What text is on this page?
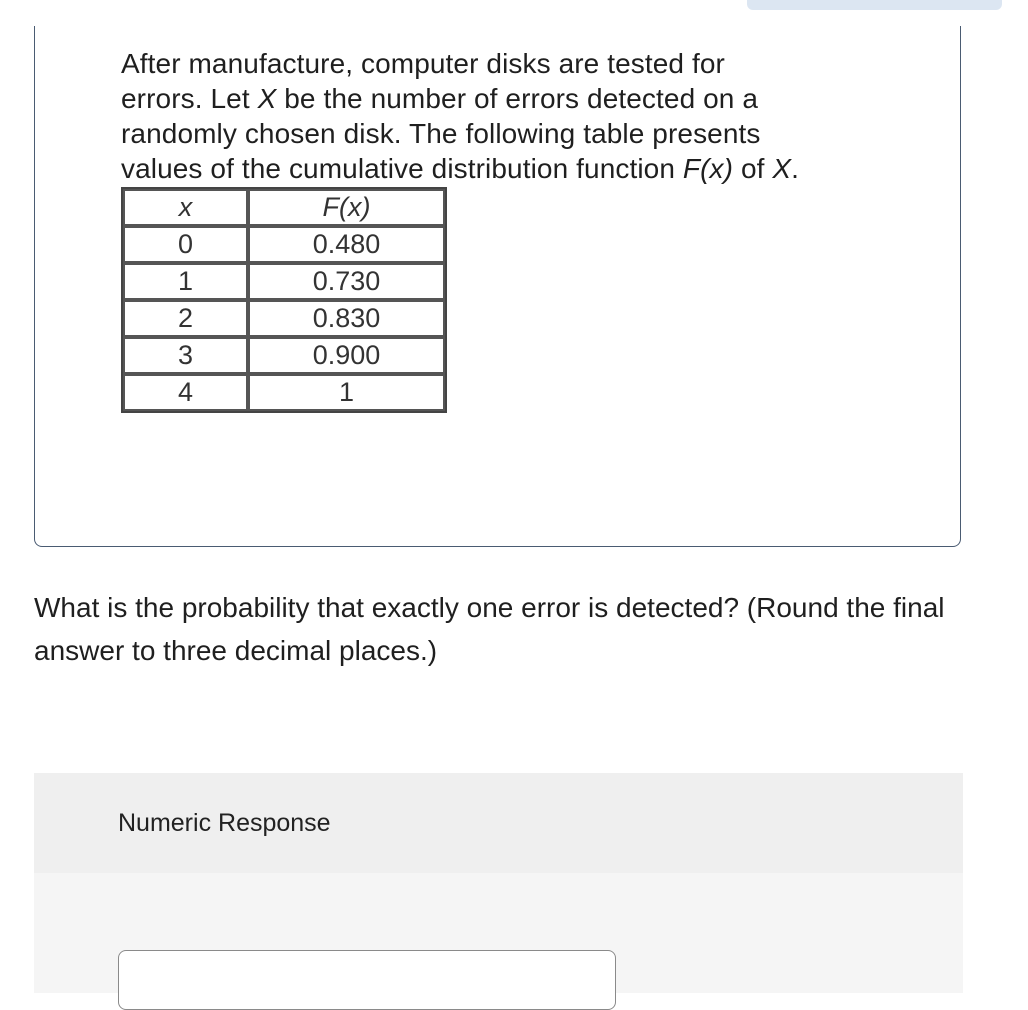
After manufacture, computer disks are tested for
errors. Let X be the number of errors detected on a
randomly chosen disk. The following table presents
values of the cumulative distribution function F(x) of X.
x	F(x)
0	0.480
1	0.730
2	0.830
3	0.900
4	1
What is the probability that exactly one error is detected? (Round the final answer to three decimal places.)
Numeric Response
